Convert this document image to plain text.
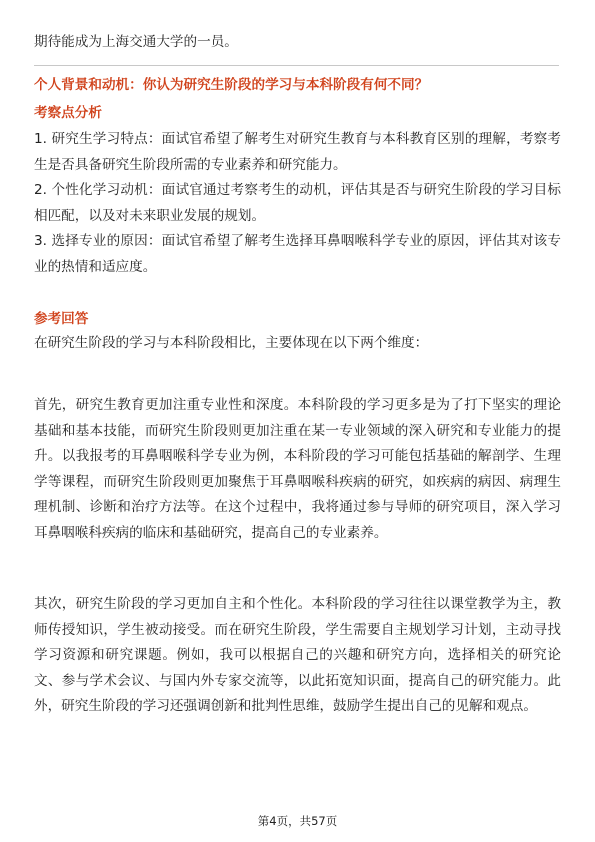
期待能成为上海交通大学的一员。

个人背景和动机：你认为研究生阶段的学习与本科阶段有何不同？
考察点分析

1. 研究生学习特点：面试官希望了解考生对研究生教育与本科教育区别的理解，考察考生是否具备研究生阶段所需的专业素养和研究能力。

2. 个性化学习动机：面试官通过考察考生的动机，评估其是否与研究生阶段的学习目标相匹配，以及对未来职业发展的规划。

3. 选择专业的原因：面试官希望了解考生选择耳鼻咽喉科学专业的原因，评估其对该专业的热情和适应度。

参考回答

在研究生阶段的学习与本科阶段相比，主要体现在以下两个维度：

首先，研究生教育更加注重专业性和深度。本科阶段的学习更多是为了打下坚实的理论基础和基本技能，而研究生阶段则更加注重在某一专业领域的深入研究和专业能力的提升。以我报考的耳鼻咽喉科学专业为例，本科阶段的学习可能包括基础的解剖学、生理学等课程，而研究生阶段则更加聚焦于耳鼻咽喉科疾病的研究，如疾病的病因、病理生理机制、诊断和治疗方法等。在这个过程中，我将通过参与导师的研究项目，深入学习耳鼻咽喉科疾病的临床和基础研究，提高自己的专业素养。

其次，研究生阶段的学习更加自主和个性化。本科阶段的学习往往以课堂教学为主，教师传授知识，学生被动接受。而在研究生阶段，学生需要自主规划学习计划，主动寻找学习资源和研究课题。例如，我可以根据自己的兴趣和研究方向，选择相关的研究论文、参与学术会议、与国内外专家交流等，以此拓宽知识面，提高自己的研究能力。此外，研究生阶段的学习还强调创新和批判性思维，鼓励学生提出自己的见解和观点。

第4页，共57页
